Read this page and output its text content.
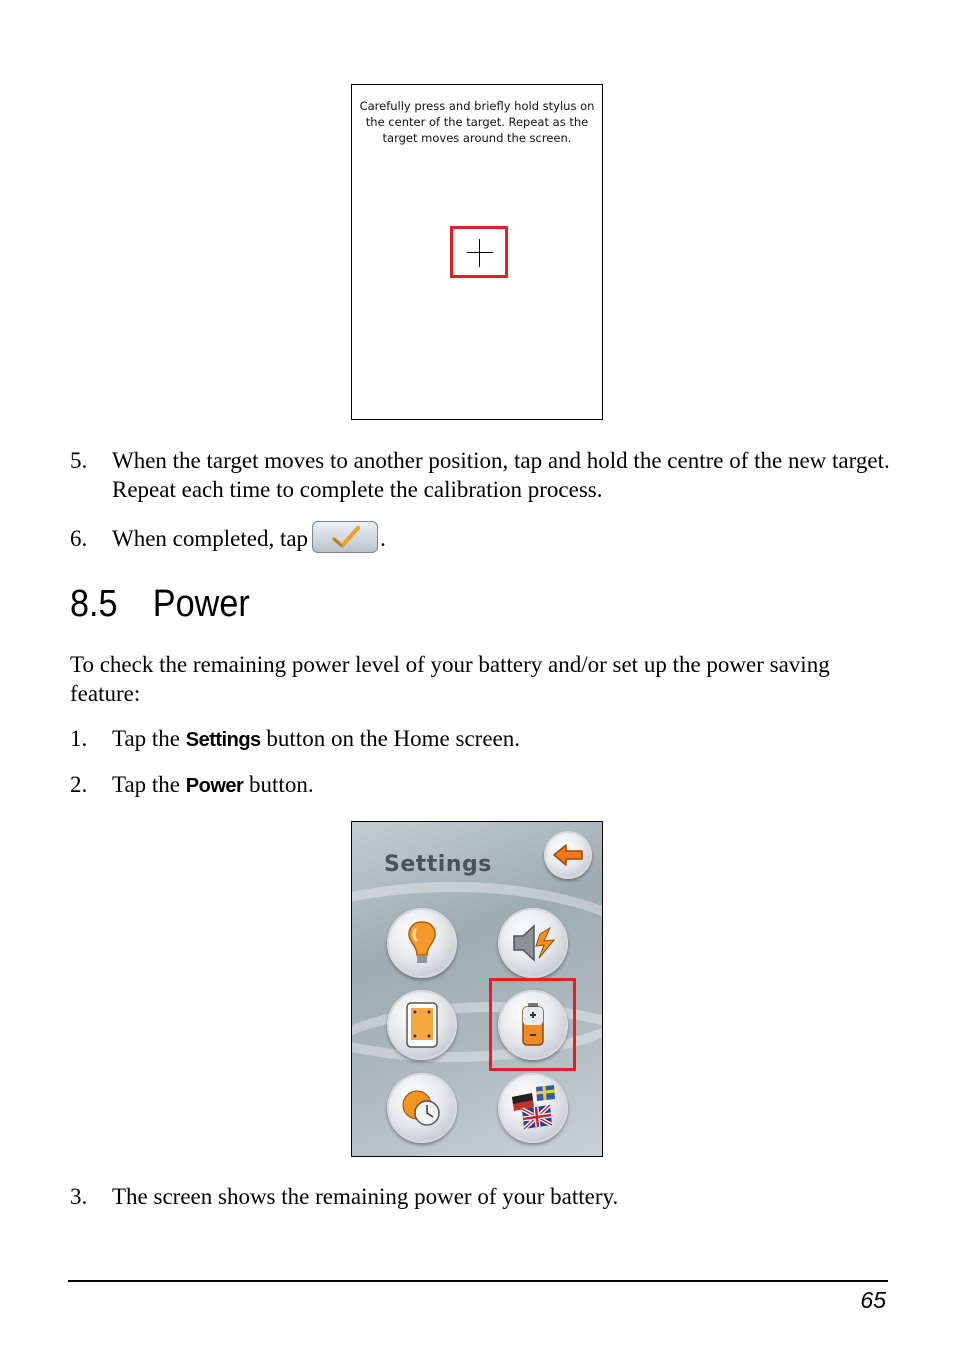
Carefully press and briefly hold stylus on the center of the target. Repeat as the target moves around the screen.
5.	When the target moves to another position, tap and hold the centre of the new target. Repeat each time to complete the calibration process.
6.	When completed, tap	.
8.5 Power
To check the remaining power level of your battery and/or set up the power saving feature:
1.	Tap the Settings button on the Home screen.
2.	Tap the Power button.
Settings
3.	The screen shows the remaining power of your battery.
65
